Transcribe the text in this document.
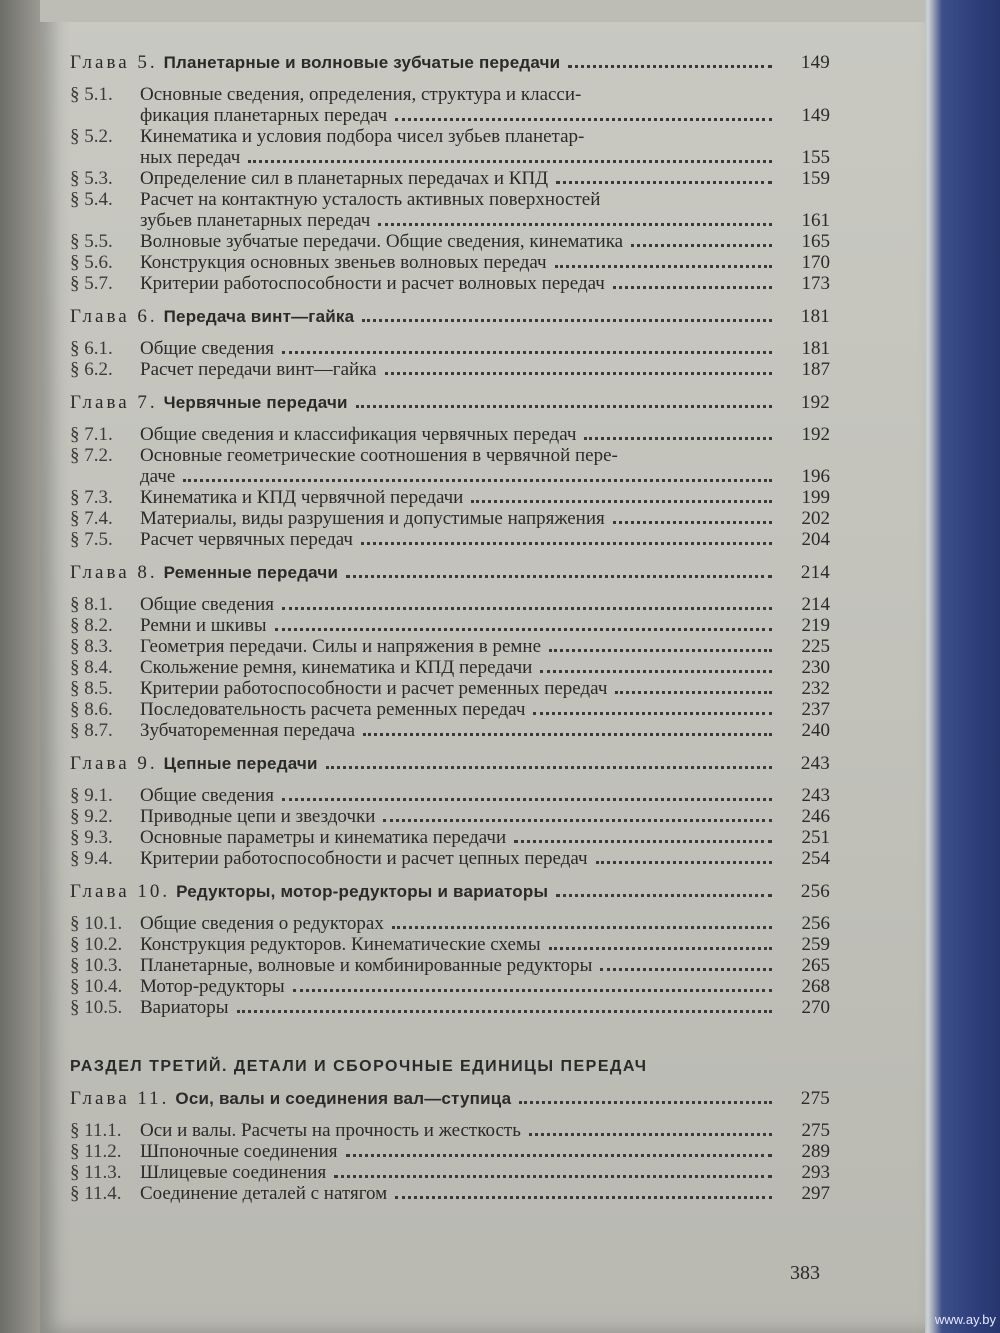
Глава 5. Планетарные и волновые зубчатые передачи	149
§ 5.1.	Основные сведения, определения, структура и класси-
фикация планетарных передач	149
§ 5.2.	Кинематика и условия подбора чисел зубьев планетар-
ных передач	155
§ 5.3.	Определение сил в планетарных передачах и КПД	159
§ 5.4.	Расчет на контактную усталость активных поверхностей
зубьев планетарных передач	161
§ 5.5.	Волновые зубчатые передачи. Общие сведения, кинематика	165
§ 5.6.	Конструкция основных звеньев волновых передач	170
§ 5.7.	Критерии работоспособности и расчет волновых передач	173
Глава 6. Передача винт—гайка	181
§ 6.1.	Общие сведения	181
§ 6.2.	Расчет передачи винт—гайка	187
Глава 7. Червячные передачи	192
§ 7.1.	Общие сведения и классификация червячных передач	192
§ 7.2.	Основные геометрические соотношения в червячной пере-
даче	196
§ 7.3.	Кинематика и КПД червячной передачи	199
§ 7.4.	Материалы, виды разрушения и допустимые напряжения	202
§ 7.5.	Расчет червячных передач	204
Глава 8. Ременные передачи	214
§ 8.1.	Общие сведения	214
§ 8.2.	Ремни и шкивы	219
§ 8.3.	Геометрия передачи. Силы и напряжения в ремне	225
§ 8.4.	Скольжение ремня, кинематика и КПД передачи	230
§ 8.5.	Критерии работоспособности и расчет ременных передач	232
§ 8.6.	Последовательность расчета ременных передач	237
§ 8.7.	Зубчатоременная передача	240
Глава 9. Цепные передачи	243
§ 9.1.	Общие сведения	243
§ 9.2.	Приводные цепи и звездочки	246
§ 9.3.	Основные параметры и кинематика передачи	251
§ 9.4.	Критерии работоспособности и расчет цепных передач	254
Глава 10. Редукторы, мотор-редукторы и вариаторы	256
§ 10.1. Общие сведения о редукторах	256
§ 10.2. Конструкция редукторов. Кинематические схемы	259
§ 10.3. Планетарные, волновые и комбинированные редукторы	265
§ 10.4. Мотор-редукторы	268
§ 10.5. Вариаторы	270
РАЗДЕЛ ТРЕТИЙ. ДЕТАЛИ И СБОРОЧНЫЕ ЕДИНИЦЫ ПЕРЕДАЧ
Глава 11. Оси, валы и соединения вал—ступица	275
§ 11.1. Оси и валы. Расчеты на прочность и жесткость	275
§ 11.2. Шпоночные соединения	289
§ 11.3. Шлицевые соединения	293
§ 11.4. Соединение деталей с натягом	297
383
www.ay.by
